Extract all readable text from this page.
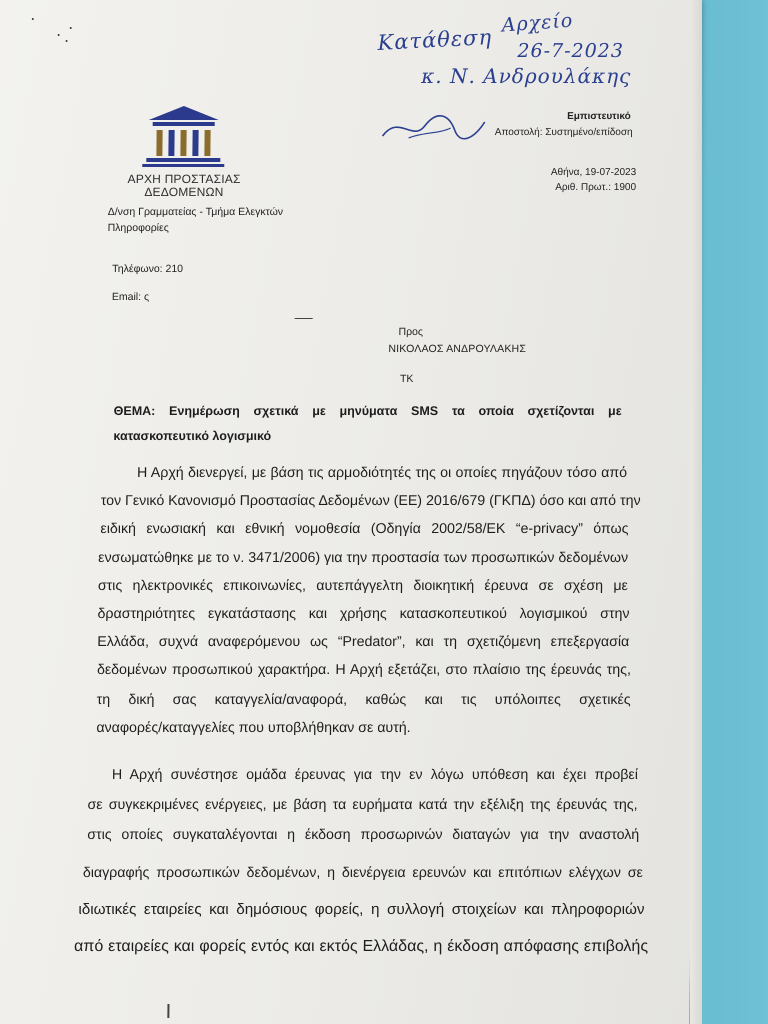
Κατάθεση
Αρχείο
26-7-2023
κ. Ν. Ανδρουλάκης
ΑΡΧΗ ΠΡΟΣΤΑΣΙΑΣ
ΔΕΔΟΜΕΝΩΝ
Εμπιστευτικό
Αποστολή: Συστημένο/επίδοση
Αθήνα, 19-07-2023
Αριθ. Πρωτ.: 1900
Δ/νση Γραμματείας - Τμήμα Ελεγκτών
Πληροφορίες
Τηλέφωνο: 210
Email: ς
Προς
ΝΙΚΟΛΑΟΣ ΑΝΔΡΟΥΛΑΚΗΣ
ΤΚ
ΘΕΜΑ: Ενημέρωση σχετικά με μηνύματα SMS τα οποία σχετίζονται με
κατασκοπευτικό λογισμικό
Η Αρχή διενεργεί, με βάση τις αρμοδιότητές της οι οποίες πηγάζουν τόσο από
τον Γενικό Κανονισμό Προστασίας Δεδομένων (ΕΕ) 2016/679 (ΓΚΠΔ) όσο και από την
ειδική ενωσιακή και εθνική νομοθεσία (Οδηγία 2002/58/ΕΚ “e-privacy” όπως
ενσωματώθηκε με το ν. 3471/2006) για την προστασία των προσωπικών δεδομένων
στις ηλεκτρονικές επικοινωνίες, αυτεπάγγελτη διοικητική έρευνα σε σχέση με
δραστηριότητες εγκατάστασης και χρήσης κατασκοπευτικού λογισμικού στην
Ελλάδα, συχνά αναφερόμενου ως “Predator”, και τη σχετιζόμενη επεξεργασία
δεδομένων προσωπικού χαρακτήρα. Η Αρχή εξετάζει, στο πλαίσιο της έρευνάς της,
τη δική σας καταγγελία/αναφορά, καθώς και τις υπόλοιπες σχετικές
αναφορές/καταγγελίες που υποβλήθηκαν σε αυτή.
Η Αρχή συνέστησε ομάδα έρευνας για την εν λόγω υπόθεση και έχει προβεί
σε συγκεκριμένες ενέργειες, με βάση τα ευρήματα κατά την εξέλιξη της έρευνάς της,
στις οποίες συγκαταλέγονται η έκδοση προσωρινών διαταγών για την αναστολή
διαγραφής προσωπικών δεδομένων, η διενέργεια ερευνών και επιτόπιων ελέγχων σε
ιδιωτικές εταιρείες και δημόσιους φορείς, η συλλογή στοιχείων και πληροφοριών
από εταιρείες και φορείς εντός και εκτός Ελλάδας, η έκδοση απόφασης επιβολής
